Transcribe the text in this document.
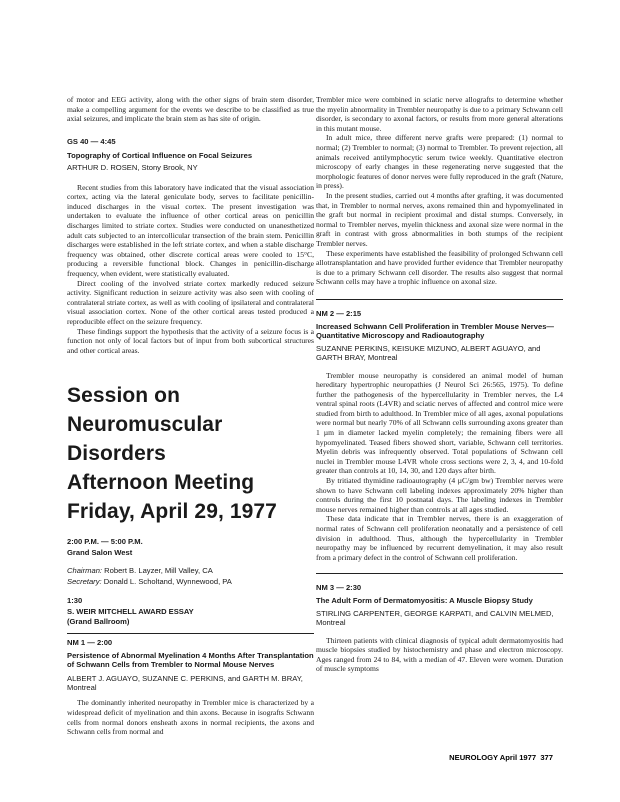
of motor and EEG activity, along with the other signs of brain stem disorder, make a compelling argument for the events we describe to be classified as true axial seizures, and implicate the brain stem as has site of origin.

GS 40 — 4:45

Topography of Cortical Influence on Focal Seizures

ARTHUR D. ROSEN, Stony Brook, NY

Recent studies from this laboratory have indicated that the visual association cortex, acting via the lateral geniculate body, serves to facilitate penicillin-induced discharges in the visual cortex. The present investigation was undertaken to evaluate the influence of other cortical areas on penicillin discharges limited to striate cortex. Studies were conducted on unanesthetized adult cats subjected to an intercollicular transection of the brain stem. Penicillin discharges were established in the left striate cortex, and when a stable discharge frequency was obtained, other discrete cortical areas were cooled to 15°C, producing a reversible functional block. Changes in penicillin-discharge frequency, when evident, were statistically evaluated.

Direct cooling of the involved striate cortex markedly reduced seizure activity. Significant reduction in seizure activity was also seen with cooling of contralateral striate cortex, as well as with cooling of ipsilateral and contralateral visual association cortex. None of the other cortical areas tested produced a reproducible effect on the seizure frequency.

These findings support the hypothesis that the activity of a seizure focus is a function not only of local factors but of input from both subcortical structures and other cortical areas.

Session on

Neuromuscular Disorders

Afternoon Meeting

Friday, April 29, 1977

2:00 P.M. — 5:00 P.M.

Grand Salon West

Chairman: Robert B. Layzer, Mill Valley, CA

Secretary: Donald L. Scholtand, Wynnewood, PA

1:30

S. WEIR MITCHELL AWARD ESSAY

(Grand Ballroom)

NM 1 — 2:00

Persistence of Abnormal Myelination 4 Months After Transplantation of Schwann Cells from Trembler to Normal Mouse Nerves

ALBERT J. AGUAYO, SUZANNE C. PERKINS, and GARTH M. BRAY, Montreal

The dominantly inherited neuropathy in Trembler mice is characterized by a widespread deficit of myelination and thin axons. Because in isografts Schwann cells from normal donors ensheath axons in normal recipients, the axons and Schwann cells from normal and

Trembler mice were combined in sciatic nerve allografts to determine whether the myelin abnormality in Trembler neuropathy is due to a primary Schwann cell disorder, is secondary to axonal factors, or results from more general alterations in this mutant mouse.

In adult mice, three different nerve grafts were prepared: (1) normal to normal; (2) Trembler to normal; (3) normal to Trembler. To prevent rejection, all animals received antilymphocytic serum twice weekly. Quantitative electron microscopy of early changes in these regenerating nerve suggested that the morphologic features of donor nerves were fully reproduced in the graft (Nature, in press).

In the present studies, carried out 4 months after grafting, it was documented that, in Trembler to normal nerves, axons remained thin and hypomyelinated in the graft but normal in recipient proximal and distal stumps. Conversely, in normal to Trembler nerves, myelin thickness and axonal size were normal in the graft in contrast with gross abnormalities in both stumps of the recipient Trembler nerves.

These experiments have established the feasibility of prolonged Schwann cell allotransplantation and have provided further evidence that Trembler neuropathy is due to a primary Schwann cell disorder. The results also suggest that normal Schwann cells may have a trophic influence on axonal size.

NM 2 — 2:15

Increased Schwann Cell Proliferation in Trembler Mouse Nerves—Quantitative Microscopy and Radioautography

SUZANNE PERKINS, KEISUKE MIZUNO, ALBERT AGUAYO, and GARTH BRAY, Montreal

Trembler mouse neuropathy is considered an animal model of human hereditary hypertrophic neuropathies (J Neurol Sci 26:565, 1975). To define further the pathogenesis of the hypercellularity in Trembler nerves, the L4 ventral spinal roots (L4VR) and sciatic nerves of affected and control mice were studied from birth to adulthood. In Trembler mice of all ages, axonal populations were normal but nearly 70% of all Schwann cells surrounding axons greater than 1 µm in diameter lacked myelin completely; the remaining fibers were all hypomyelinated. Teased fibers showed short, variable, Schwann cell territories. Myelin debris was infrequently observed. Total populations of Schwann cell nuclei in Trembler mouse L4VR whole cross sections were 2, 3, 4, and 10-fold greater than controls at 10, 14, 30, and 120 days after birth.

By tritiated thymidine radioautography (4 µC/gm bw) Trembler nerves were shown to have Schwann cell labeling indexes approximately 20% higher than controls during the first 10 postnatal days. The labeling indexes in Trembler mouse nerves remained higher than controls at all ages studied.

These data indicate that in Trembler nerves, there is an exaggeration of normal rates of Schwann cell proliferation neonatally and a persistence of cell division in adulthood. Thus, although the hypercellularity in Trembler neuropathy may be influenced by recurrent demyelination, it may also result from a primary defect in the control of Schwann cell proliferation.

NM 3 — 2:30

The Adult Form of Dermatomyositis: A Muscle Biopsy Study

STIRLING CARPENTER, GEORGE KARPATI, and CALVIN MELMED, Montreal

Thirteen patients with clinical diagnosis of typical adult dermatomyositis had muscle biopsies studied by histochemistry and phase and electron microscopy. Ages ranged from 24 to 84, with a median of 47. Eleven were women. Duration of muscle symptoms

NEUROLOGY April 1977 377
